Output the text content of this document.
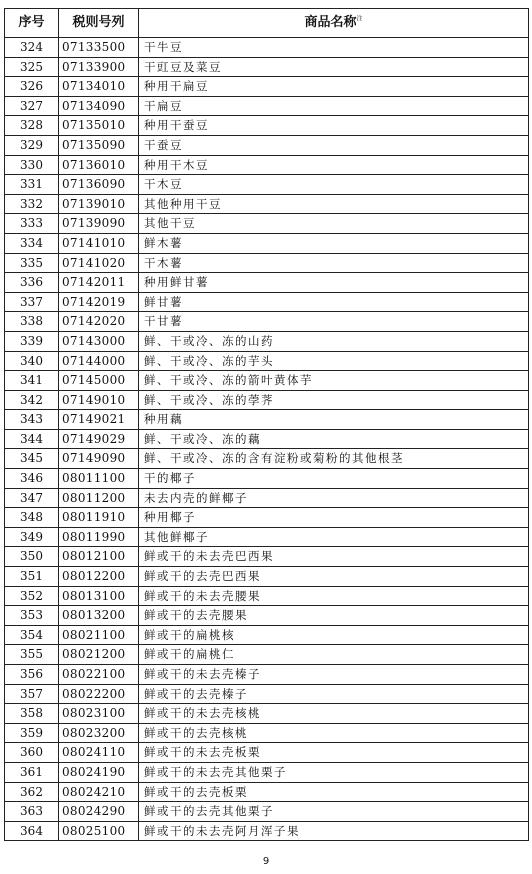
序号	税则号列	商品名称$^注$
324	07133500	干牛豆
325	07133900	干豇豆及菜豆
326	07134010	种用干扁豆
327	07134090	干扁豆
328	07135010	种用干蚕豆
329	07135090	干蚕豆
330	07136010	种用干木豆
331	07136090	干木豆
332	07139010	其他种用干豆
333	07139090	其他干豆
334	07141010	鲜木薯
335	07141020	干木薯
336	07142011	种用鲜甘薯
337	07142019	鲜甘薯
338	07142020	干甘薯
339	07143000	鲜、干或冷、冻的山药
340	07144000	鲜、干或冷、冻的芋头
341	07145000	鲜、干或冷、冻的箭叶黄体芋
342	07149010	鲜、干或冷、冻的荸荠
343	07149021	种用藕
344	07149029	鲜、干或冷、冻的藕
345	07149090	鲜、干或冷、冻的含有淀粉或菊粉的其他根茎
346	08011100	干的椰子
347	08011200	未去内壳的鲜椰子
348	08011910	种用椰子
349	08011990	其他鲜椰子
350	08012100	鲜或干的未去壳巴西果
351	08012200	鲜或干的去壳巴西果
352	08013100	鲜或干的未去壳腰果
353	08013200	鲜或干的去壳腰果
354	08021100	鲜或干的扁桃核
355	08021200	鲜或干的扁桃仁
356	08022100	鲜或干的未去壳榛子
357	08022200	鲜或干的去壳榛子
358	08023100	鲜或干的未去壳核桃
359	08023200	鲜或干的去壳核桃
360	08024110	鲜或干的未去壳板栗
361	08024190	鲜或干的未去壳其他栗子
362	08024210	鲜或干的去壳板栗
363	08024290	鲜或干的去壳其他栗子
364	08025100	鲜或干的未去壳阿月浑子果
9
